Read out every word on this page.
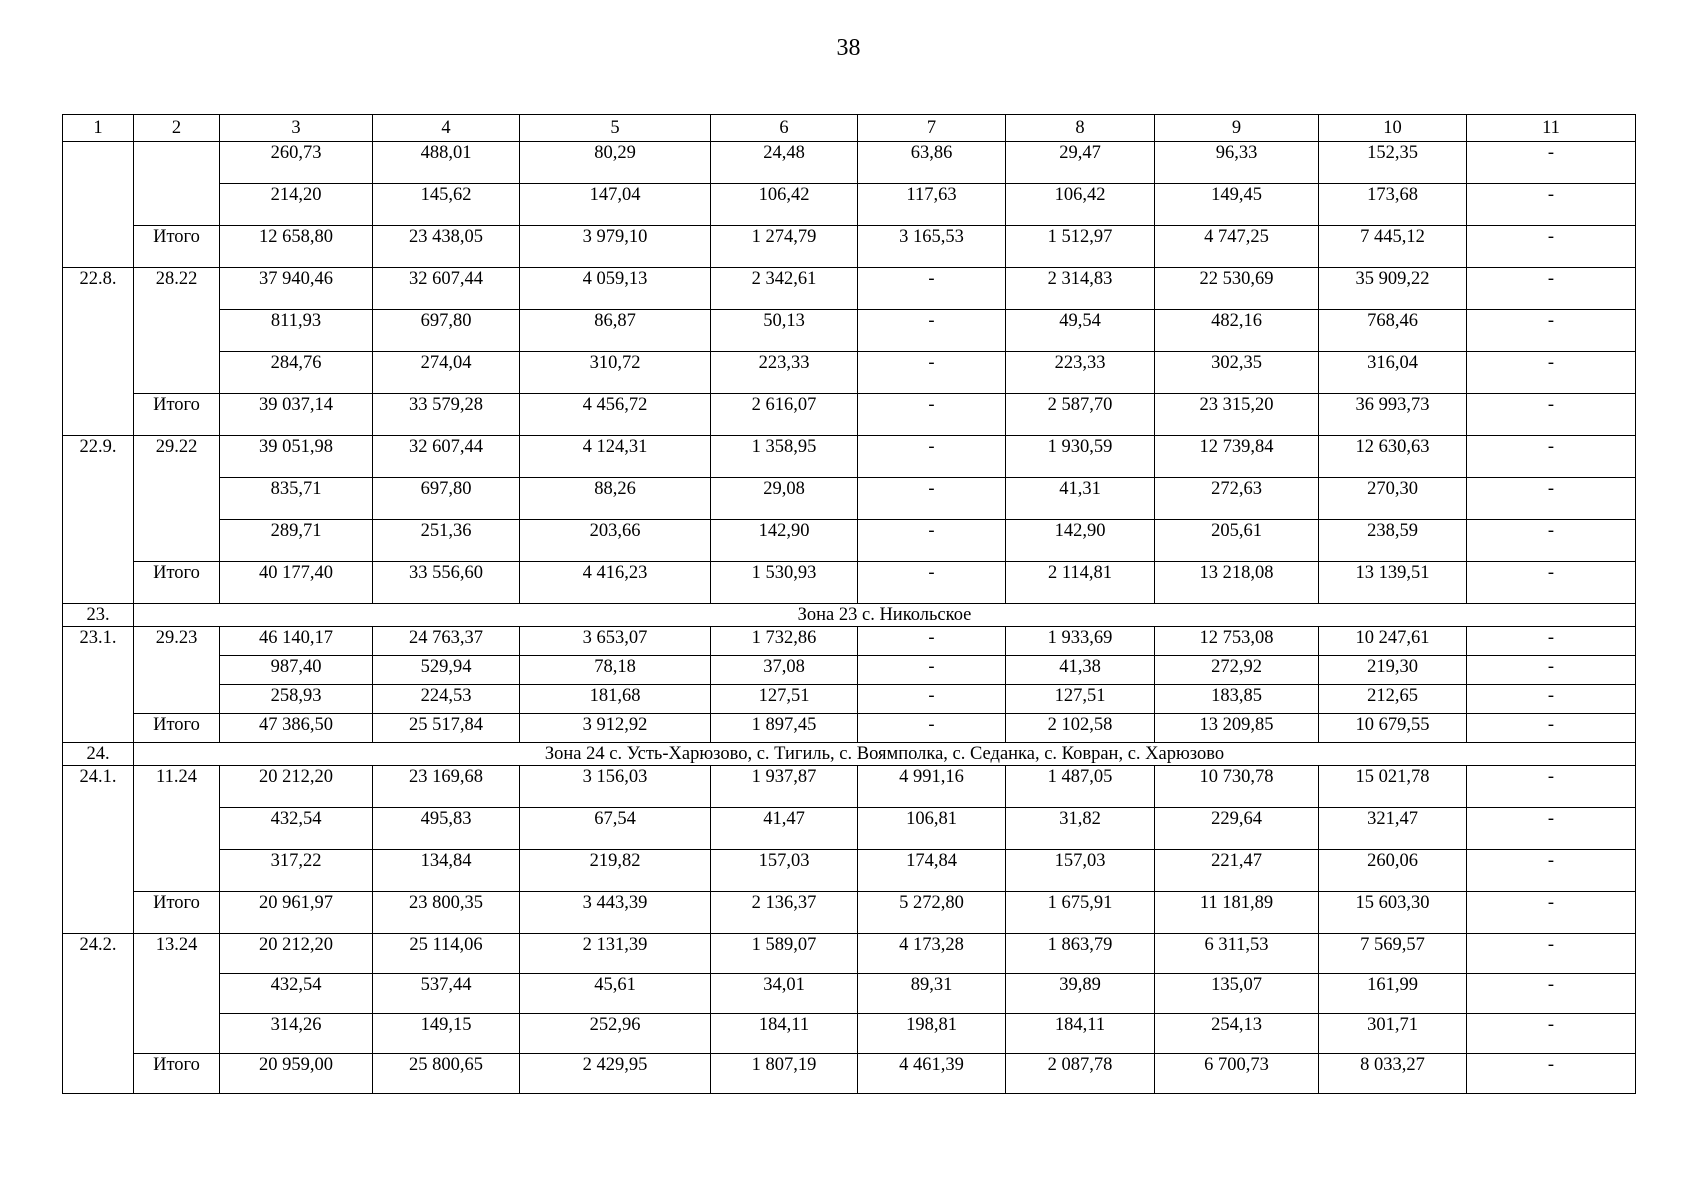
38
1	2	3	4	5	6	7	8	9	10	11
		260,73	488,01	80,29	24,48	63,86	29,47	96,33	152,35	-
		214,20	145,62	147,04	106,42	117,63	106,42	149,45	173,68	-
	Итого	12 658,80	23 438,05	3 979,10	1 274,79	3 165,53	1 512,97	4 747,25	7 445,12	-
22.8.	28.22	37 940,46	32 607,44	4 059,13	2 342,61	-	2 314,83	22 530,69	35 909,22	-
		811,93	697,80	86,87	50,13	-	49,54	482,16	768,46	-
		284,76	274,04	310,72	223,33	-	223,33	302,35	316,04	-
	Итого	39 037,14	33 579,28	4 456,72	2 616,07	-	2 587,70	23 315,20	36 993,73	-
22.9.	29.22	39 051,98	32 607,44	4 124,31	1 358,95	-	1 930,59	12 739,84	12 630,63	-
		835,71	697,80	88,26	29,08	-	41,31	272,63	270,30	-
		289,71	251,36	203,66	142,90	-	142,90	205,61	238,59	-
	Итого	40 177,40	33 556,60	4 416,23	1 530,93	-	2 114,81	13 218,08	13 139,51	-
23.	Зона 23 с. Никольское									
23.1.	29.23	46 140,17	24 763,37	3 653,07	1 732,86	-	1 933,69	12 753,08	10 247,61	-
		987,40	529,94	78,18	37,08	-	41,38	272,92	219,30	-
		258,93	224,53	181,68	127,51	-	127,51	183,85	212,65	-
	Итого	47 386,50	25 517,84	3 912,92	1 897,45	-	2 102,58	13 209,85	10 679,55	-
24.	Зона 24 с. Усть-Харюзово, с. Тигиль, с. Воямполка, с. Седанка, с. Ковран, с. Харюзово									
24.1.	11.24	20 212,20	23 169,68	3 156,03	1 937,87	4 991,16	1 487,05	10 730,78	15 021,78	-
		432,54	495,83	67,54	41,47	106,81	31,82	229,64	321,47	-
		317,22	134,84	219,82	157,03	174,84	157,03	221,47	260,06	-
	Итого	20 961,97	23 800,35	3 443,39	2 136,37	5 272,80	1 675,91	11 181,89	15 603,30	-
24.2.	13.24	20 212,20	25 114,06	2 131,39	1 589,07	4 173,28	1 863,79	6 311,53	7 569,57	-
		432,54	537,44	45,61	34,01	89,31	39,89	135,07	161,99	-
		314,26	149,15	252,96	184,11	198,81	184,11	254,13	301,71	-
	Итого	20 959,00	25 800,65	2 429,95	1 807,19	4 461,39	2 087,78	6 700,73	8 033,27	-
